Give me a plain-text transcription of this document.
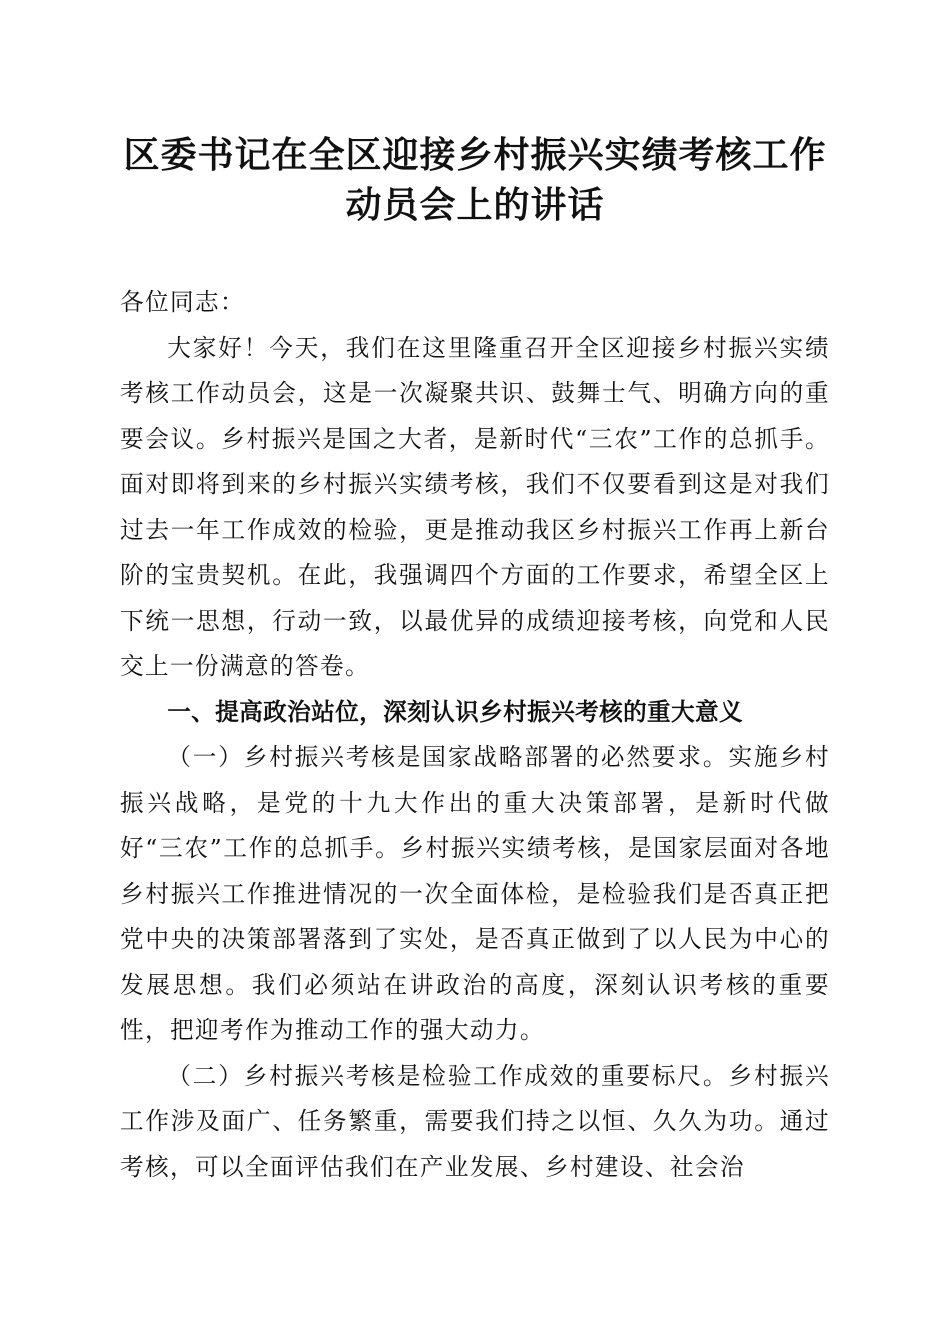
区委书记在全区迎接乡村振兴实绩考核工作动员会上的讲话

各位同志：

大家好！今天，我们在这里隆重召开全区迎接乡村振兴实绩考核工作动员会，这是一次凝聚共识、鼓舞士气、明确方向的重要会议。乡村振兴是国之大者，是新时代“三农”工作的总抓手。面对即将到来的乡村振兴实绩考核，我们不仅要看到这是对我们过去一年工作成效的检验，更是推动我区乡村振兴工作再上新台阶的宝贵契机。在此，我强调四个方面的工作要求，希望全区上下统一思想，行动一致，以最优异的成绩迎接考核，向党和人民交上一份满意的答卷。

一、提高政治站位，深刻认识乡村振兴考核的重大意义

（一）乡村振兴考核是国家战略部署的必然要求。实施乡村振兴战略，是党的十九大作出的重大决策部署，是新时代做好“三农”工作的总抓手。乡村振兴实绩考核，是国家层面对各地乡村振兴工作推进情况的一次全面体检，是检验我们是否真正把党中央的决策部署落到了实处，是否真正做到了以人民为中心的发展思想。我们必须站在讲政治的高度，深刻认识考核的重要性，把迎考作为推动工作的强大动力。

（二）乡村振兴考核是检验工作成效的重要标尺。乡村振兴工作涉及面广、任务繁重，需要我们持之以恒、久久为功。通过考核，可以全面评估我们在产业发展、乡村建设、社会治
